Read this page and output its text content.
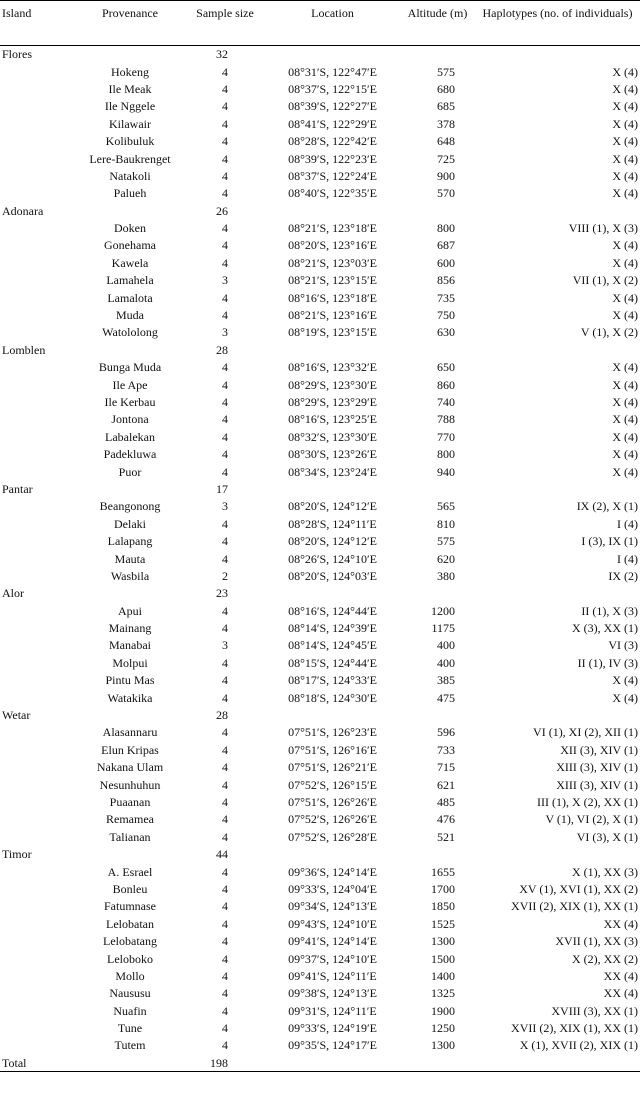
Island	Provenance	Sample size	Location	Altitude (m)	Haplotypes (no. of individuals)
Flores		32			
	Hokeng	4	08°31′S, 122°47′E	575	X (4)
	Ile Meak	4	08°37′S, 122°15′E	680	X (4)
	Ile Nggele	4	08°39′S, 122°27′E	685	X (4)
	Kilawair	4	08°41′S, 122°29′E	378	X (4)
	Kolibuluk	4	08°28′S, 122°42′E	648	X (4)
	Lere-Baukrenget	4	08°39′S, 122°23′E	725	X (4)
	Natakoli	4	08°37′S, 122°24′E	900	X (4)
	Palueh	4	08°40′S, 122°35′E	570	X (4)
Adonara		26			
	Doken	4	08°21′S, 123°18′E	800	VIII (1), X (3)
	Gonehama	4	08°20′S, 123°16′E	687	X (4)
	Kawela	4	08°21′S, 123°03′E	600	X (4)
	Lamahela	3	08°21′S, 123°15′E	856	VII (1), X (2)
	Lamalota	4	08°16′S, 123°18′E	735	X (4)
	Muda	4	08°21′S, 123°16′E	750	X (4)
	Watololong	3	08°19′S, 123°15′E	630	V (1), X (2)
Lomblen		28			
	Bunga Muda	4	08°16′S, 123°32′E	650	X (4)
	Ile Ape	4	08°29′S, 123°30′E	860	X (4)
	Ile Kerbau	4	08°29′S, 123°29′E	740	X (4)
	Jontona	4	08°16′S, 123°25′E	788	X (4)
	Labalekan	4	08°32′S, 123°30′E	770	X (4)
	Padekluwa	4	08°30′S, 123°26′E	800	X (4)
	Puor	4	08°34′S, 123°24′E	940	X (4)
Pantar		17			
	Beangonong	3	08°20′S, 124°12′E	565	IX (2), X (1)
	Delaki	4	08°28′S, 124°11′E	810	I (4)
	Lalapang	4	08°20′S, 124°12′E	575	I (3), IX (1)
	Mauta	4	08°26′S, 124°10′E	620	I (4)
	Wasbila	2	08°20′S, 124°03′E	380	IX (2)
Alor		23			
	Apui	4	08°16′S, 124°44′E	1200	II (1), X (3)
	Mainang	4	08°14′S, 124°39′E	1175	X (3), XX (1)
	Manabai	3	08°14′S, 124°45′E	400	VI (3)
	Molpui	4	08°15′S, 124°44′E	400	II (1), IV (3)
	Pintu Mas	4	08°17′S, 124°33′E	385	X (4)
	Watakika	4	08°18′S, 124°30′E	475	X (4)
Wetar		28			
	Alasannaru	4	07°51′S, 126°23′E	596	VI (1), XI (2), XII (1)
	Elun Kripas	4	07°51′S, 126°16′E	733	XII (3), XIV (1)
	Nakana Ulam	4	07°51′S, 126°21′E	715	XIII (3), XIV (1)
	Nesunhuhun	4	07°52′S, 126°15′E	621	XIII (3), XIV (1)
	Puaanan	4	07°51′S, 126°26′E	485	III (1), X (2), XX (1)
	Remamea	4	07°52′S, 126°26′E	476	V (1), VI (2), X (1)
	Talianan	4	07°52′S, 126°28′E	521	VI (3), X (1)
Timor		44			
	A. Esrael	4	09°36′S, 124°14′E	1655	X (1), XX (3)
	Bonleu	4	09°33′S, 124°04′E	1700	XV (1), XVI (1), XX (2)
	Fatumnase	4	09°34′S, 124°13′E	1850	XVII (2), XIX (1), XX (1)
	Lelobatan	4	09°43′S, 124°10′E	1525	XX (4)
	Lelobatang	4	09°41′S, 124°14′E	1300	XVII (1), XX (3)
	Leloboko	4	09°37′S, 124°10′E	1500	X (2), XX (2)
	Mollo	4	09°41′S, 124°11′E	1400	XX (4)
	Naususu	4	09°38′S, 124°13′E	1325	XX (4)
	Nuafin	4	09°31′S, 124°11′E	1900	XVIII (3), XX (1)
	Tune	4	09°33′S, 124°19′E	1250	XVII (2), XIX (1), XX (1)
	Tutem	4	09°35′S, 124°17′E	1300	X (1), XVII (2), XIX (1)
Total		198			
